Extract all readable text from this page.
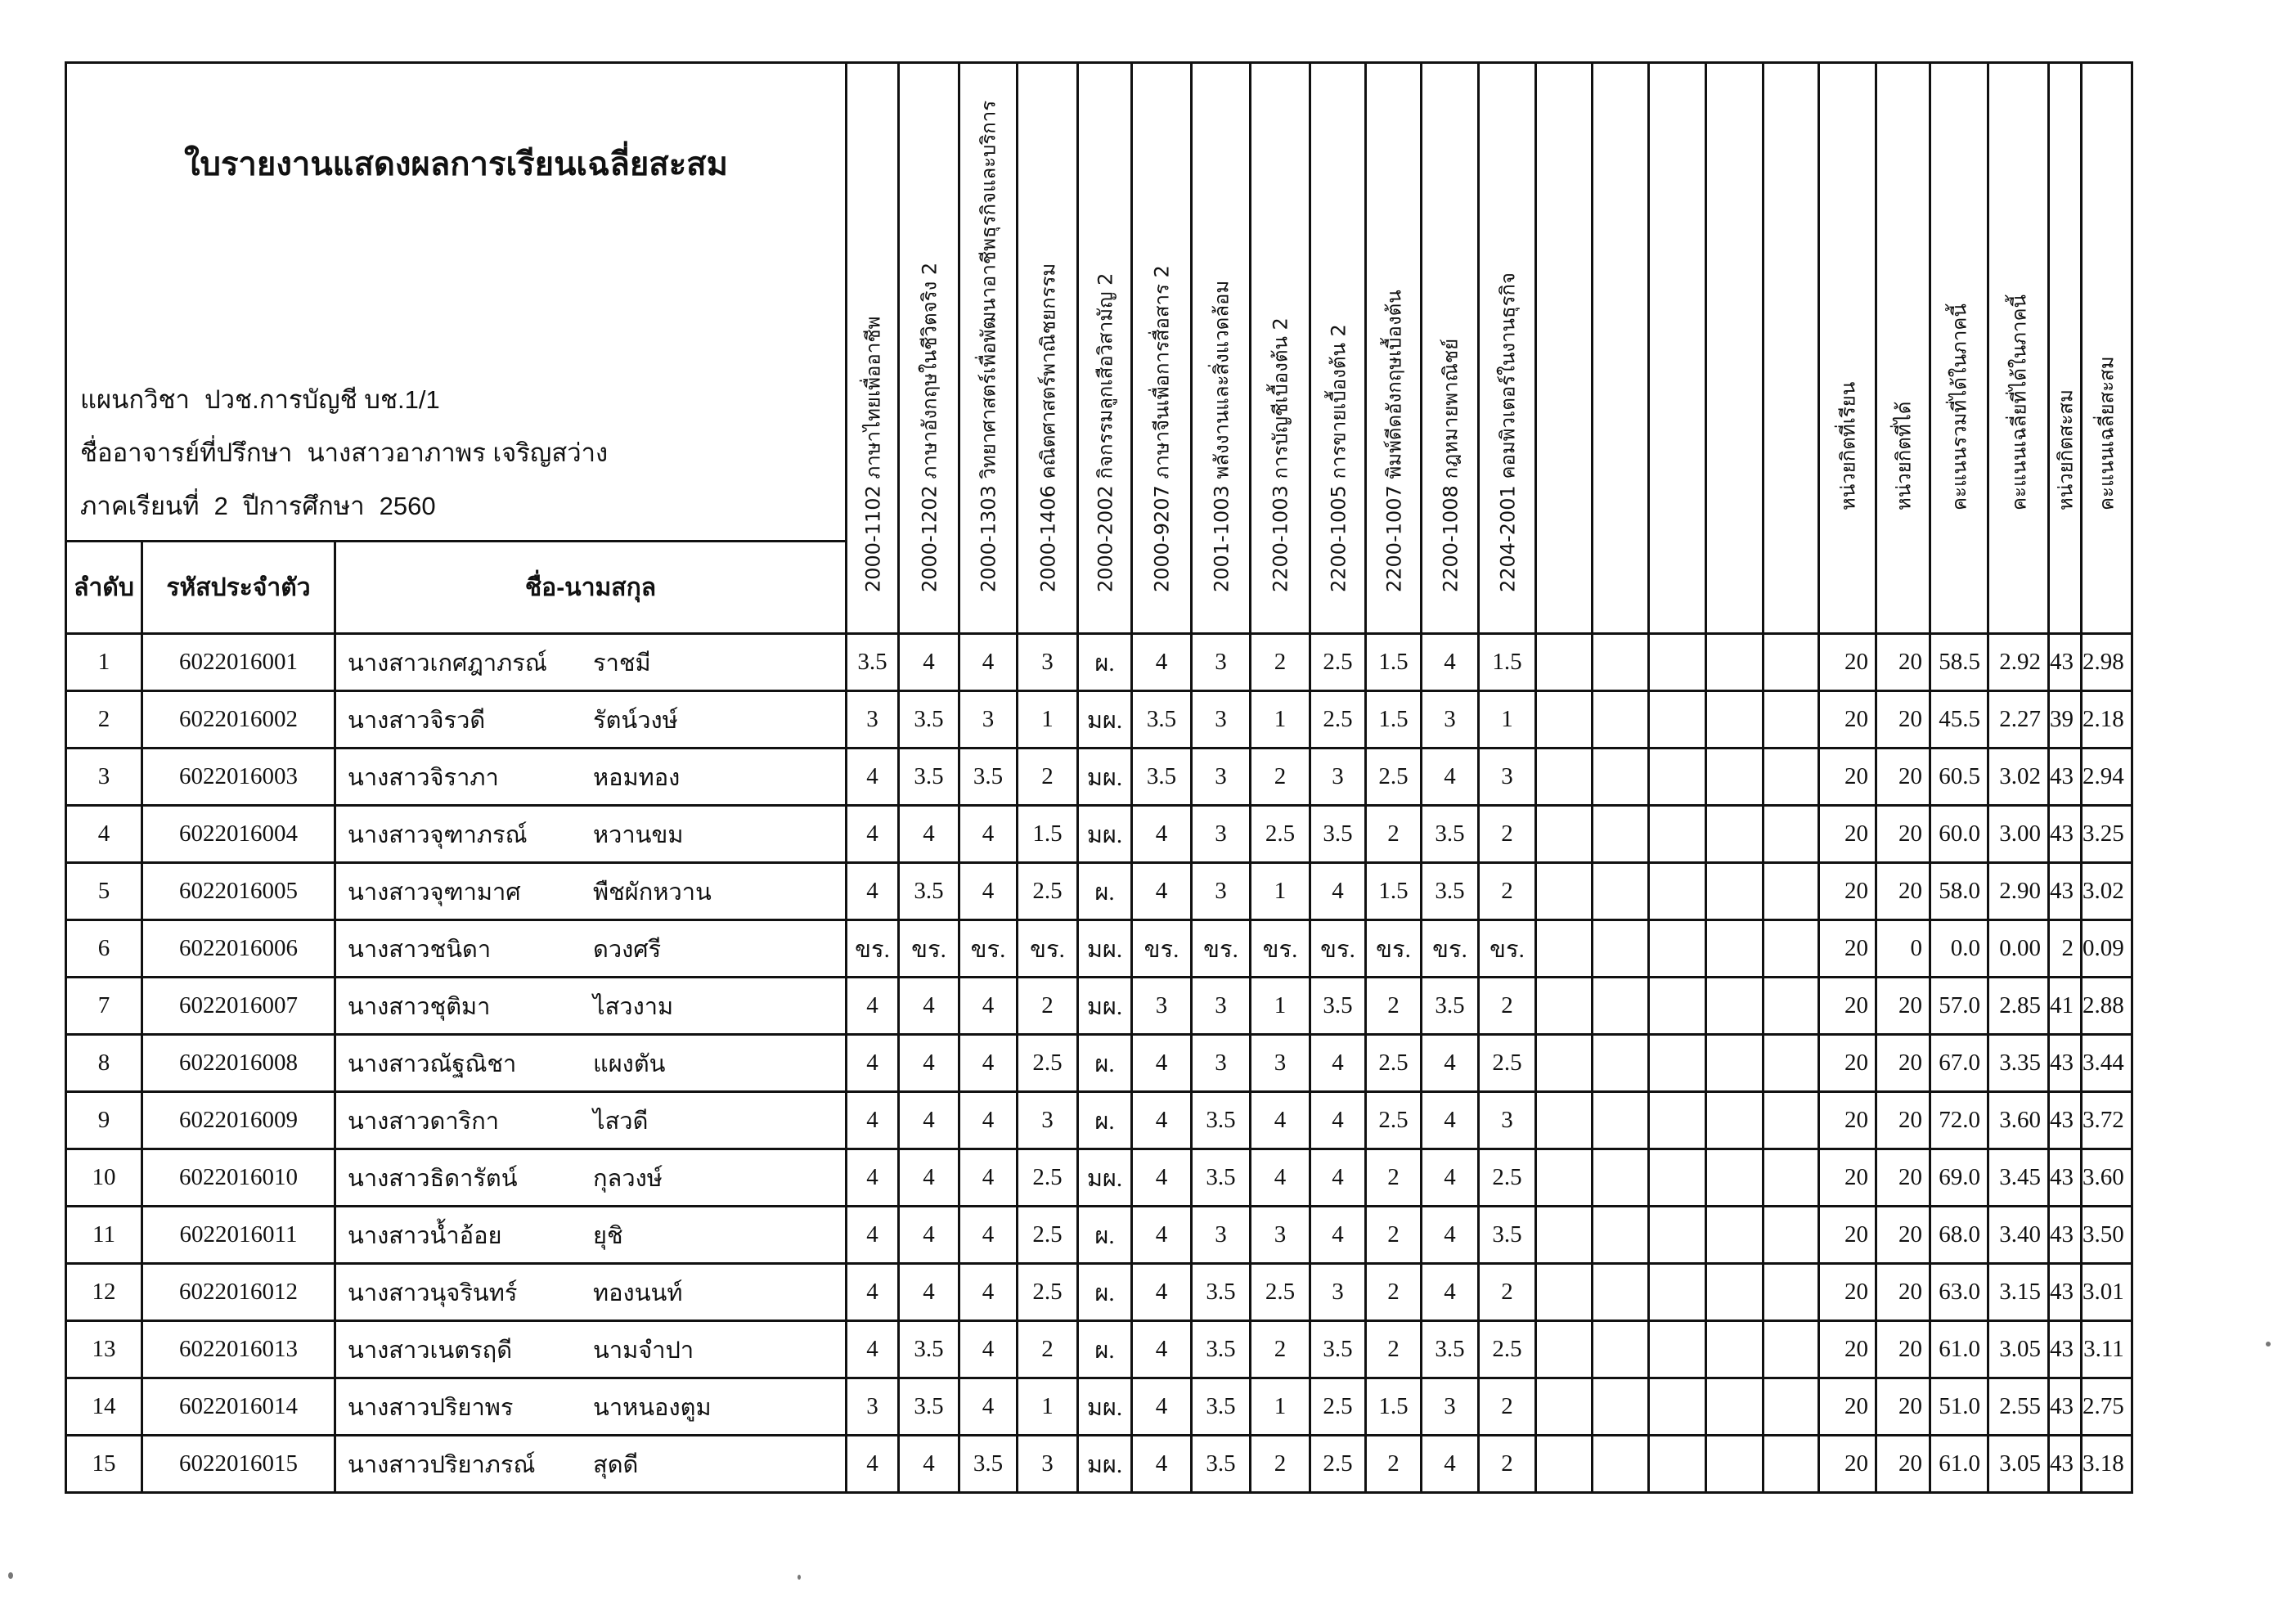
ใบรายงานแสดงผลการเรียนเฉลี่ยสะสม
แผนกวิชา ปวช.การบัญชี บช.1/1
ชื่ออาจารย์ที่ปรึกษา นางสาวอาภาพร เจริญสว่าง
ภาคเรียนที่ 2 ปีการศึกษา 2560			2000-1102 ภาษาไทยเพื่ออาชีพ	2000-1202 ภาษาอังกฤษในชีวิตจริง 2	2000-1303 วิทยาศาสตร์เพื่อพัฒนาอาชีพธุรกิจและบริการ	2000-1406 คณิตศาสตร์พาณิชยกรรม	2000-2002 กิจกรรมลูกเสือวิสามัญ 2	2000-9207 ภาษาจีนเพื่อการสื่อสาร 2	2001-1003 พลังงานและสิ่งแวดล้อม	2200-1003 การบัญชีเบื้องต้น 2	2200-1005 การขายเบื้องต้น 2	2200-1007 พิมพ์ดีดอังกฤษเบื้องต้น	2200-1008 กฎหมายพาณิชย์	2204-2001 คอมพิวเตอร์ในงานธุรกิจ						หน่วยกิตที่เรียน	หน่วยกิตที่ได้	คะแนนรวมที่ได้ในภาคนี้	คะแนนเฉลี่ยที่ได้ในภาคนี้	หน่วยกิตสะสม	คะแนนเฉลี่ยสะสม

ลำดับ	รหัสประจำตัว	ชื่อ-นามสกุล																							
1	6022016001	นางสาวเกศฎาภรณ์ ราชมี	3.5	4	4	3	ผ.	4	3	2	2.5	1.5	4	1.5						20	20	58.5	2.92	43	2.98
2	6022016002	นางสาวจิรวดี รัตน์วงษ์	3	3.5	3	1	มผ.	3.5	3	1	2.5	1.5	3	1						20	20	45.5	2.27	39	2.18
3	6022016003	นางสาวจิราภา หอมทอง	4	3.5	3.5	2	มผ.	3.5	3	2	3	2.5	4	3						20	20	60.5	3.02	43	2.94
4	6022016004	นางสาวจุฑาภรณ์ หวานขม	4	4	4	1.5	มผ.	4	3	2.5	3.5	2	3.5	2						20	20	60.0	3.00	43	3.25
5	6022016005	นางสาวจุฑามาศ พืชผักหวาน	4	3.5	4	2.5	ผ.	4	3	1	4	1.5	3.5	2						20	20	58.0	2.90	43	3.02
6	6022016006	นางสาวชนิดา ดวงศรี	ขร.	ขร.	ขร.	ขร.	มผ.	ขร.	ขร.	ขร.	ขร.	ขร.	ขร.	ขร.						20	0	0.0	0.00	2	0.09
7	6022016007	นางสาวชุติมา ไสวงาม	4	4	4	2	มผ.	3	3	1	3.5	2	3.5	2						20	20	57.0	2.85	41	2.88
8	6022016008	นางสาวณัฐณิชา แผงตัน	4	4	4	2.5	ผ.	4	3	3	4	2.5	4	2.5						20	20	67.0	3.35	43	3.44
9	6022016009	นางสาวดาริกา ไสวดี	4	4	4	3	ผ.	4	3.5	4	4	2.5	4	3						20	20	72.0	3.60	43	3.72
10	6022016010	นางสาวธิดารัตน์ กุลวงษ์	4	4	4	2.5	มผ.	4	3.5	4	4	2	4	2.5						20	20	69.0	3.45	43	3.60
11	6022016011	นางสาวน้ำอ้อย ยุชิ	4	4	4	2.5	ผ.	4	3	3	4	2	4	3.5						20	20	68.0	3.40	43	3.50
12	6022016012	นางสาวนุจรินทร์ ทองนนท์	4	4	4	2.5	ผ.	4	3.5	2.5	3	2	4	2						20	20	63.0	3.15	43	3.01
13	6022016013	นางสาวเนตรฤดี นามจำปา	4	3.5	4	2	ผ.	4	3.5	2	3.5	2	3.5	2.5						20	20	61.0	3.05	43	3.11
14	6022016014	นางสาวปริยาพร นาหนองตูม	3	3.5	4	1	มผ.	4	3.5	1	2.5	1.5	3	2						20	20	51.0	2.55	43	2.75
15	6022016015	นางสาวปริยาภรณ์ สุดดี	4	4	3.5	3	มผ.	4	3.5	2	2.5	2	4	2						20	20	61.0	3.05	43	3.18
